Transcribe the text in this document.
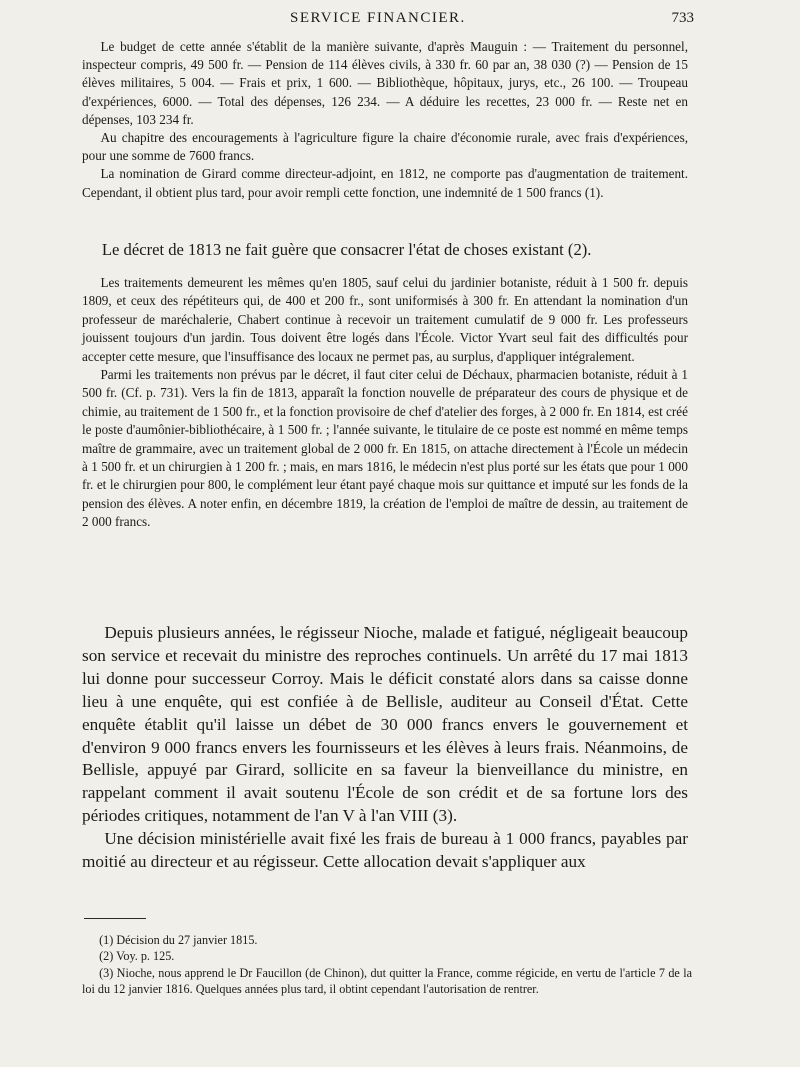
SERVICE FINANCIER.	733

Le budget de cette année s'établit de la manière suivante, d'après Mauguin : — Traitement du personnel, inspecteur compris, 49 500 fr. — Pension de 114 élèves civils, à 330 fr. 60 par an, 38 030 (?) — Pension de 15 élèves militaires, 5 004. — Frais et prix, 1 600. — Bibliothèque, hôpitaux, jurys, etc., 26 100. — Troupeau d'expériences, 6000. — Total des dépenses, 126 234. — A déduire les recettes, 23 000 fr. — Reste net en dépenses, 103 234 fr.

Au chapitre des encouragements à l'agriculture figure la chaire d'économie rurale, avec frais d'expériences, pour une somme de 7600 francs.

La nomination de Girard comme directeur-adjoint, en 1812, ne comporte pas d'augmentation de traitement. Cependant, il obtient plus tard, pour avoir rempli cette fonction, une indemnité de 1 500 francs (1).

Le décret de 1813 ne fait guère que consacrer l'état de choses existant (2).

Les traitements demeurent les mêmes qu'en 1805, sauf celui du jardinier botaniste, réduit à 1 500 fr. depuis 1809, et ceux des répétiteurs qui, de 400 et 200 fr., sont uniformisés à 300 fr. En attendant la nomination d'un professeur de maréchalerie, Chabert continue à recevoir un traitement cumulatif de 9 000 fr. Les professeurs jouissent toujours d'un jardin. Tous doivent être logés dans l'École. Victor Yvart seul fait des difficultés pour accepter cette mesure, que l'insuffisance des locaux ne permet pas, au surplus, d'appliquer intégralement.

Parmi les traitements non prévus par le décret, il faut citer celui de Déchaux, pharmacien botaniste, réduit à 1 500 fr. (Cf. p. 731). Vers la fin de 1813, apparaît la fonction nouvelle de préparateur des cours de physique et de chimie, au traitement de 1 500 fr., et la fonction provisoire de chef d'atelier des forges, à 2 000 fr. En 1814, est créé le poste d'aumônier-bibliothécaire, à 1 500 fr. ; l'année suivante, le titulaire de ce poste est nommé en même temps maître de grammaire, avec un traitement global de 2 000 fr. En 1815, on attache directement à l'École un médecin à 1 500 fr. et un chirurgien à 1 200 fr. ; mais, en mars 1816, le médecin n'est plus porté sur les états que pour 1 000 fr. et le chirurgien pour 800, le complément leur étant payé chaque mois sur quittance et imputé sur les fonds de la pension des élèves. A noter enfin, en décembre 1819, la création de l'emploi de maître de dessin, au traitement de 2 000 francs.

Depuis plusieurs années, le régisseur Nioche, malade et fatigué, négligeait beaucoup son service et recevait du ministre des reproches continuels. Un arrêté du 17 mai 1813 lui donne pour successeur Corroy. Mais le déficit constaté alors dans sa caisse donne lieu à une enquête, qui est confiée à de Bellisle, auditeur au Conseil d'État. Cette enquête établit qu'il laisse un débet de 30 000 francs envers le gouvernement et d'environ 9 000 francs envers les fournisseurs et les élèves à leurs frais. Néanmoins, de Bellisle, appuyé par Girard, sollicite en sa faveur la bienveillance du ministre, en rappelant comment il avait soutenu l'École de son crédit et de sa fortune lors des périodes critiques, notamment de l'an V à l'an VIII (3).

Une décision ministérielle avait fixé les frais de bureau à 1 000 francs, payables par moitié au directeur et au régisseur. Cette allocation devait s'appliquer aux

(1) Décision du 27 janvier 1815.

(2) Voy. p. 125.

(3) Nioche, nous apprend le Dr Faucillon (de Chinon), dut quitter la France, comme régicide, en vertu de l'article 7 de la loi du 12 janvier 1816. Quelques années plus tard, il obtint cependant l'autorisation de rentrer.
